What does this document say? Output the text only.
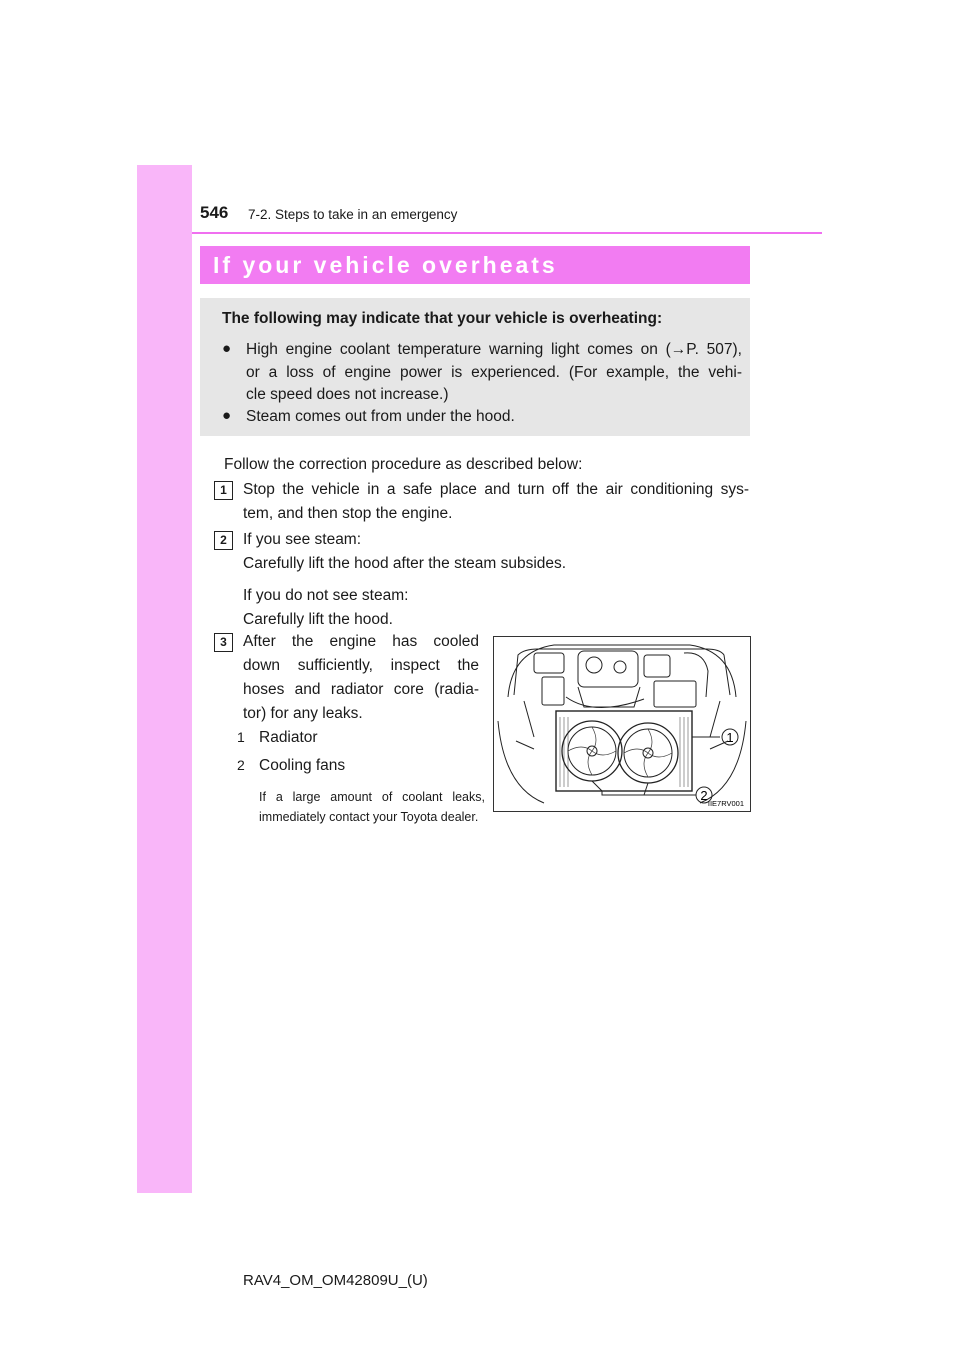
546 7-2. Steps to take in an emergency
If your vehicle overheats
The following may indicate that your vehicle is overheating:
● High engine coolant temperature warning light comes on (→P. 507),
or a loss of engine power is experienced. (For example, the vehi-
cle speed does not increase.)
● Steam comes out from under the hood.
Follow the correction procedure as described below:
1	Stop the vehicle in a safe place and turn off the air conditioning sys-
tem, and then stop the engine.
2	If you see steam:
Carefully lift the hood after the steam subsides.
If you do not see steam:
Carefully lift the hood.
3	After the engine has cooled
down sufficiently, inspect the
hoses and radiator core (radia-
tor) for any leaks.
1 Radiator
2 Cooling fans
If a large amount of coolant leaks, immediately contact your Toyota dealer.
1
2
IIE7RV001
RAV4_OM_OM42809U_(U)
